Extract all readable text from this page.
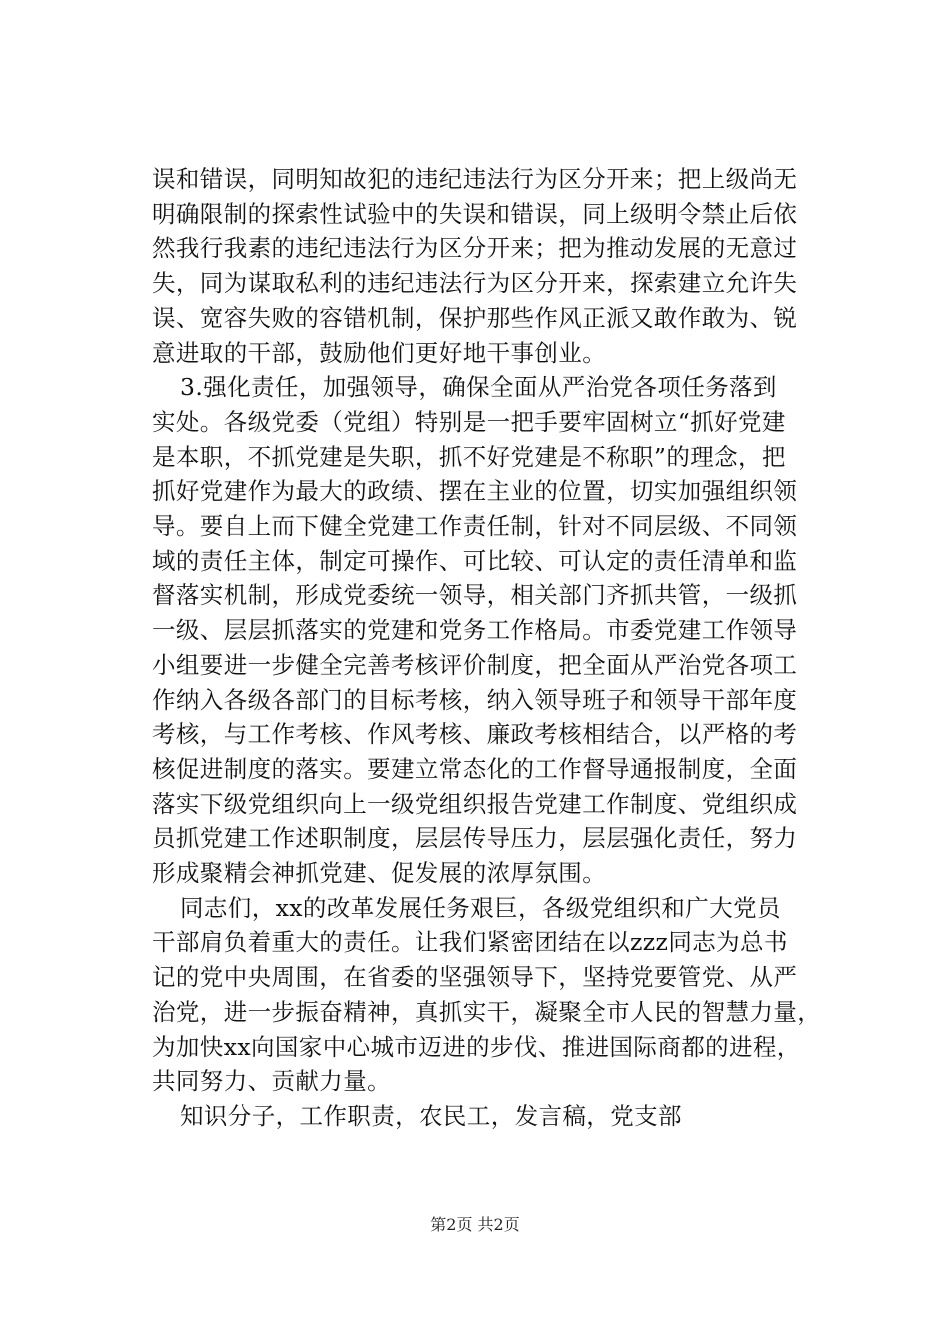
误和错误，同明知故犯的违纪违法行为区分开来；把上级尚无
明确限制的探索性试验中的失误和错误，同上级明令禁止后依
然我行我素的违纪违法行为区分开来；把为推动发展的无意过
失，同为谋取私利的违纪违法行为区分开来，探索建立允许失
误、宽容失败的容错机制，保护那些作风正派又敢作敢为、锐
意进取的干部，鼓励他们更好地干事创业。

3.强化责任，加强领导，确保全面从严治党各项任务落到
实处。各级党委（党组）特别是一把手要牢固树立“抓好党建
是本职，不抓党建是失职，抓不好党建是不称职”的理念，把
抓好党建作为最大的政绩、摆在主业的位置，切实加强组织领
导。要自上而下健全党建工作责任制，针对不同层级、不同领
域的责任主体，制定可操作、可比较、可认定的责任清单和监
督落实机制，形成党委统一领导，相关部门齐抓共管，一级抓
一级、层层抓落实的党建和党务工作格局。市委党建工作领导
小组要进一步健全完善考核评价制度，把全面从严治党各项工
作纳入各级各部门的目标考核，纳入领导班子和领导干部年度
考核，与工作考核、作风考核、廉政考核相结合，以严格的考
核促进制度的落实。要建立常态化的工作督导通报制度，全面
落实下级党组织向上一级党组织报告党建工作制度、党组织成
员抓党建工作述职制度，层层传导压力，层层强化责任，努力
形成聚精会神抓党建、促发展的浓厚氛围。

同志们，xx的改革发展任务艰巨，各级党组织和广大党员
干部肩负着重大的责任。让我们紧密团结在以zzz同志为总书
记的党中央周围，在省委的坚强领导下，坚持党要管党、从严
治党，进一步振奋精神，真抓实干，凝聚全市人民的智慧力量，
为加快xx向国家中心城市迈进的步伐、推进国际商都的进程，
共同努力、贡献力量。

知识分子，工作职责，农民工，发言稿，党支部

第2页 共2页
